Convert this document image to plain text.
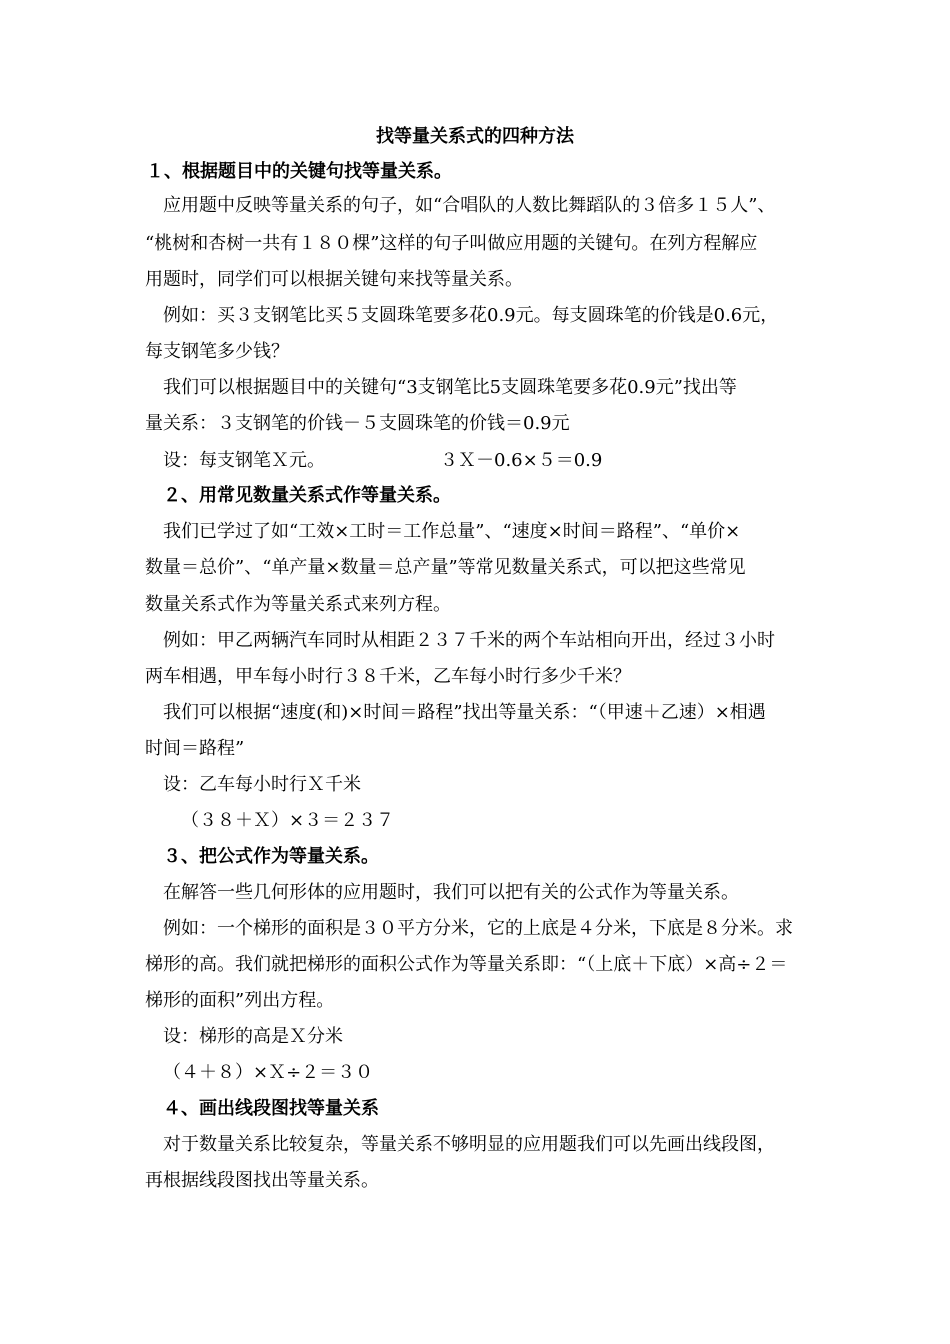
找等量关系式的四种方法
１、根据题目中的关键句找等量关系。
应用题中反映等量关系的句子，如“合唱队的人数比舞蹈队的３倍多１５人”、
“桃树和杏树一共有１８０棵”这样的句子叫做应用题的关键句。在列方程解应
用题时，同学们可以根据关键句来找等量关系。
例如：买３支钢笔比买５支圆珠笔要多花0.9元。每支圆珠笔的价钱是0.6元，
每支钢笔多少钱？
我们可以根据题目中的关键句“3支钢笔比5支圆珠笔要多花0.9元”找出等
量关系：３支钢笔的价钱－５支圆珠笔的价钱＝0.9元
设：每支钢笔Ｘ元。	３Ｘ－0.6×５＝0.9
２、用常见数量关系式作等量关系。
我们已学过了如“工效×工时＝工作总量”、“速度×时间＝路程”、“单价×
数量＝总价”、“单产量×数量＝总产量”等常见数量关系式，可以把这些常见
数量关系式作为等量关系式来列方程。
例如：甲乙两辆汽车同时从相距２３７千米的两个车站相向开出，经过３小时
两车相遇，甲车每小时行３８千米，乙车每小时行多少千米？
我们可以根据“速度(和)×时间＝路程”找出等量关系：“（甲速＋乙速）×相遇
时间＝路程”
设：乙车每小时行Ｘ千米
（３８＋Ｘ）×３＝２３７
３、把公式作为等量关系。
在解答一些几何形体的应用题时，我们可以把有关的公式作为等量关系。
例如：一个梯形的面积是３０平方分米，它的上底是４分米，下底是８分米。求
梯形的高。我们就把梯形的面积公式作为等量关系即：“（上底＋下底）×高÷２＝
梯形的面积”列出方程。
设：梯形的高是Ｘ分米
（４＋８）×Ｘ÷２＝３０
４、画出线段图找等量关系
对于数量关系比较复杂，等量关系不够明显的应用题我们可以先画出线段图，
再根据线段图找出等量关系。
